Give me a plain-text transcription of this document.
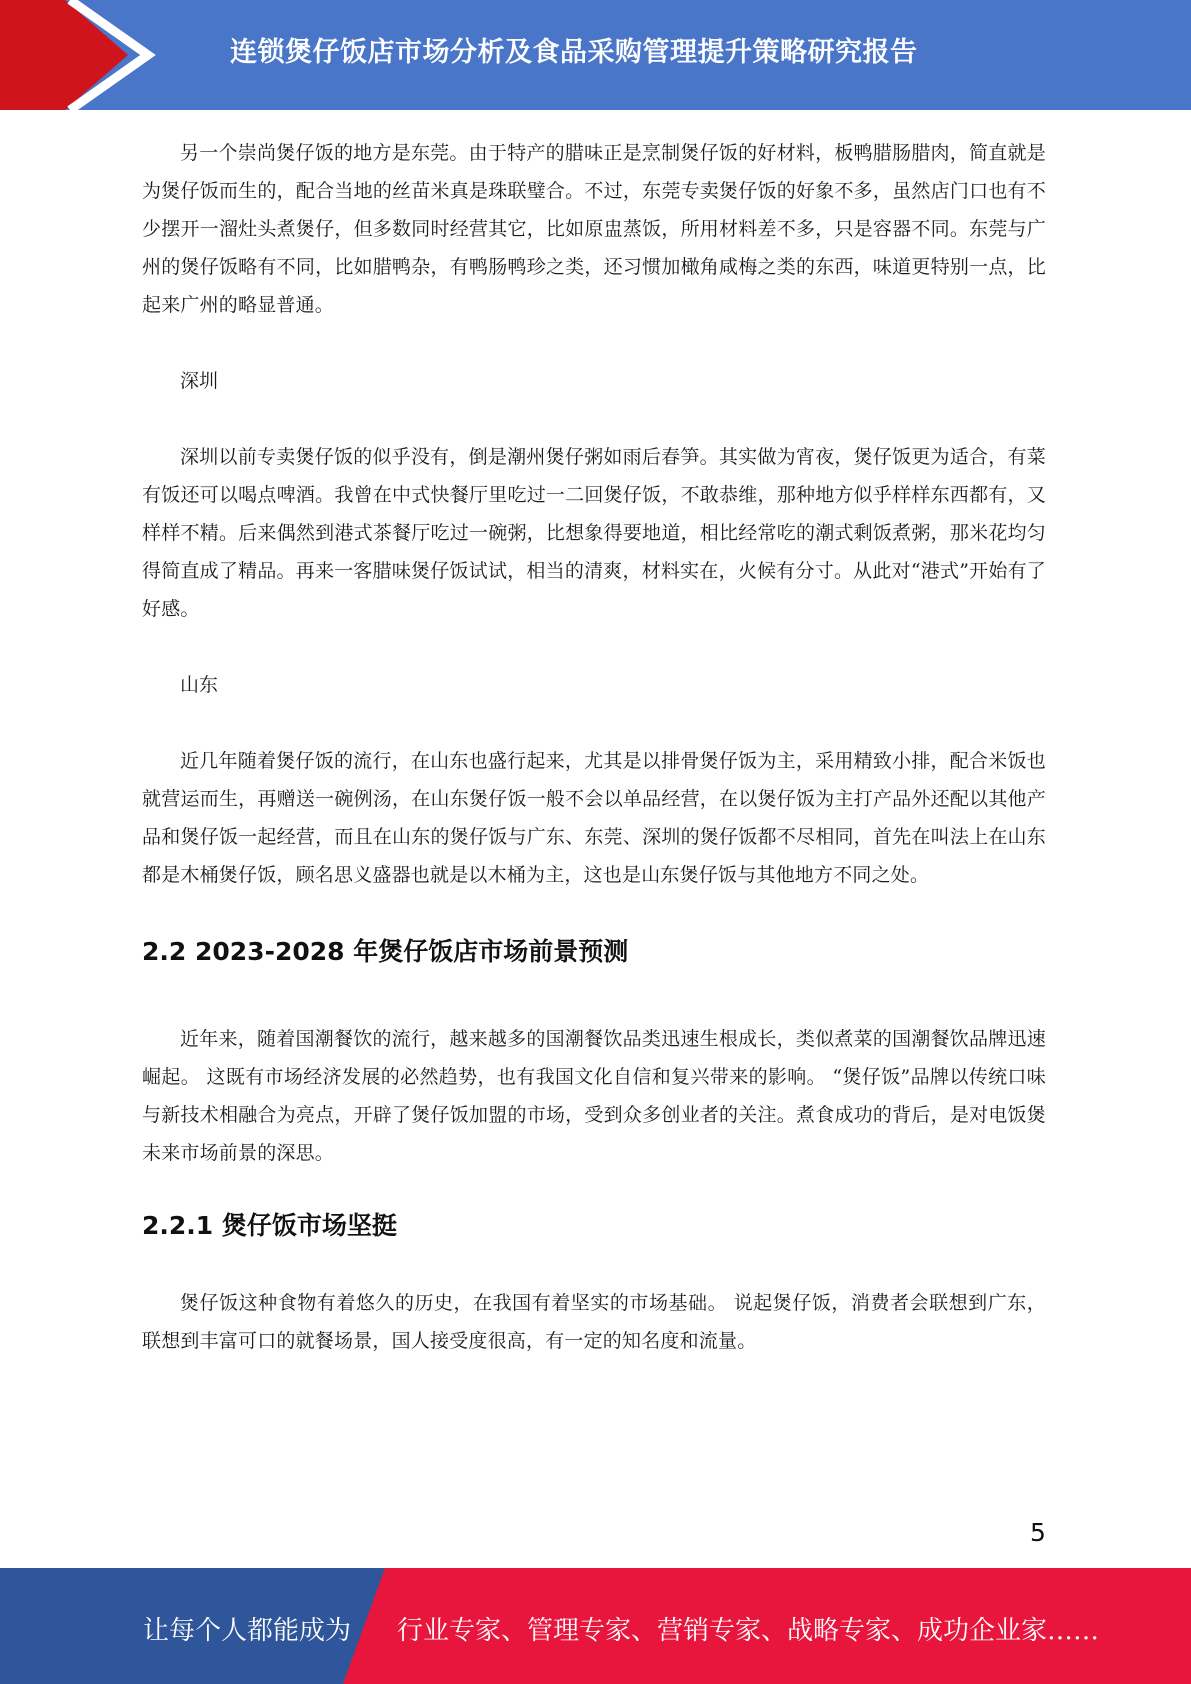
连锁煲仔饭店市场分析及食品采购管理提升策略研究报告

另一个崇尚煲仔饭的地方是东莞。由于特产的腊味正是烹制煲仔饭的好材料，板鸭腊肠腊肉，简直就是为煲仔饭而生的，配合当地的丝苗米真是珠联璧合。不过，东莞专卖煲仔饭的好象不多，虽然店门口也有不少摆开一溜灶头煮煲仔，但多数同时经营其它，比如原盅蒸饭，所用材料差不多，只是容器不同。东莞与广州的煲仔饭略有不同，比如腊鸭杂，有鸭肠鸭珍之类，还习惯加橄角咸梅之类的东西，味道更特别一点，比起来广州的略显普通。

深圳

深圳以前专卖煲仔饭的似乎没有，倒是潮州煲仔粥如雨后春笋。其实做为宵夜，煲仔饭更为适合，有菜有饭还可以喝点啤酒。我曾在中式快餐厅里吃过一二回煲仔饭，不敢恭维，那种地方似乎样样东西都有，又样样不精。后来偶然到港式茶餐厅吃过一碗粥，比想象得要地道，相比经常吃的潮式剩饭煮粥，那米花均匀得简直成了精品。再来一客腊味煲仔饭试试，相当的清爽，材料实在，火候有分寸。从此对“港式”开始有了好感。

山东

近几年随着煲仔饭的流行，在山东也盛行起来，尤其是以排骨煲仔饭为主，采用精致小排，配合米饭也就营运而生，再赠送一碗例汤，在山东煲仔饭一般不会以单品经营，在以煲仔饭为主打产品外还配以其他产品和煲仔饭一起经营，而且在山东的煲仔饭与广东、东莞、深圳的煲仔饭都不尽相同，首先在叫法上在山东都是木桶煲仔饭，顾名思义盛器也就是以木桶为主，这也是山东煲仔饭与其他地方不同之处。

2.2 2023-2028 年煲仔饭店市场前景预测

近年来，随着国潮餐饮的流行，越来越多的国潮餐饮品类迅速生根成长，类似煮菜的国潮餐饮品牌迅速崛起。 这既有市场经济发展的必然趋势，也有我国文化自信和复兴带来的影响。 “煲仔饭”品牌以传统口味与新技术相融合为亮点，开辟了煲仔饭加盟的市场，受到众多创业者的关注。煮食成功的背后，是对电饭煲未来市场前景的深思。

2.2.1 煲仔饭市场坚挺

煲仔饭这种食物有着悠久的历史，在我国有着坚实的市场基础。 说起煲仔饭，消费者会联想到广东，联想到丰富可口的就餐场景，国人接受度很高，有一定的知名度和流量。

5
让每个人都能成为 行业专家、管理专家、营销专家、战略专家、成功企业家……
